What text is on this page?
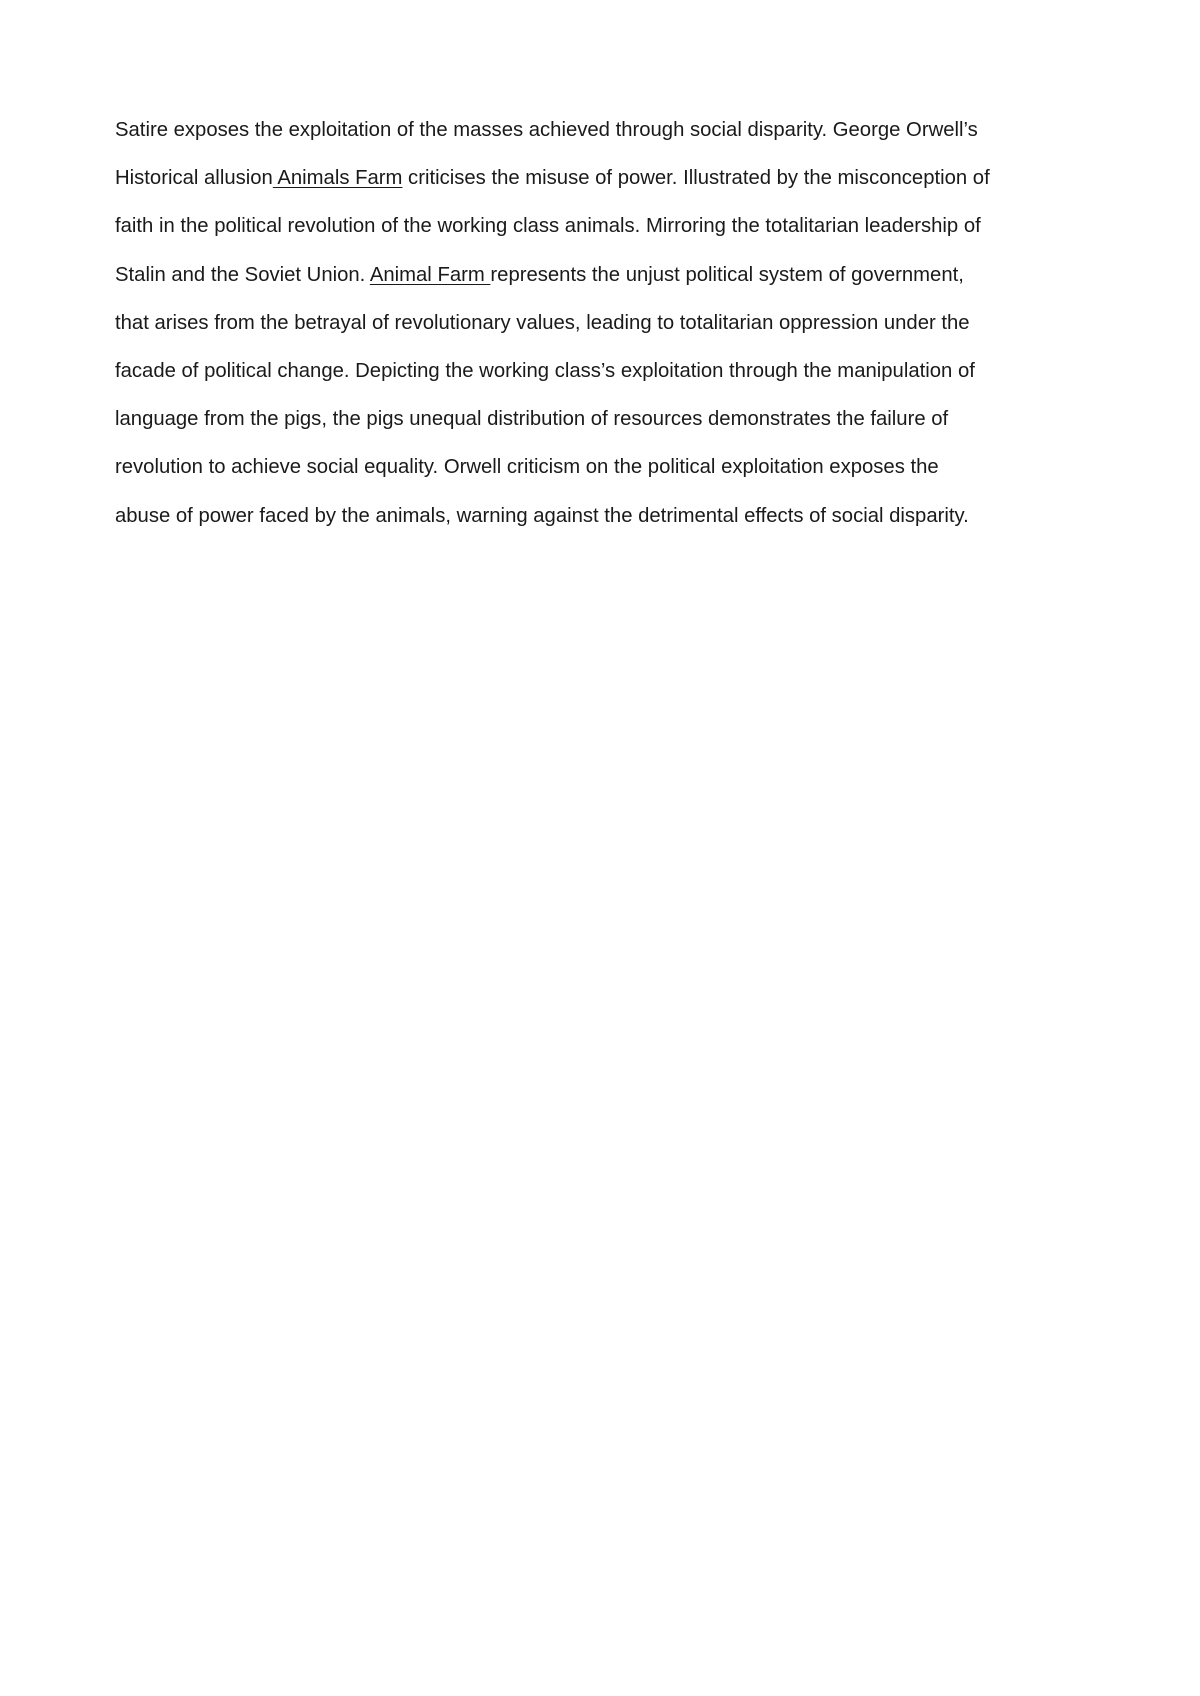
Satire exposes the exploitation of the masses achieved through social disparity. George Orwell’s
Historical allusion Animals Farm criticises the misuse of power. Illustrated by the misconception of
faith in the political revolution of the working class animals. Mirroring the totalitarian leadership of
Stalin and the Soviet Union. Animal Farm represents the unjust political system of government,
that arises from the betrayal of revolutionary values, leading to totalitarian oppression under the
facade of political change. Depicting the working class’s exploitation through the manipulation of
language from the pigs, the pigs unequal distribution of resources demonstrates the failure of
revolution to achieve social equality. Orwell criticism on the political exploitation exposes the
abuse of power faced by the animals, warning against the detrimental effects of social disparity.
